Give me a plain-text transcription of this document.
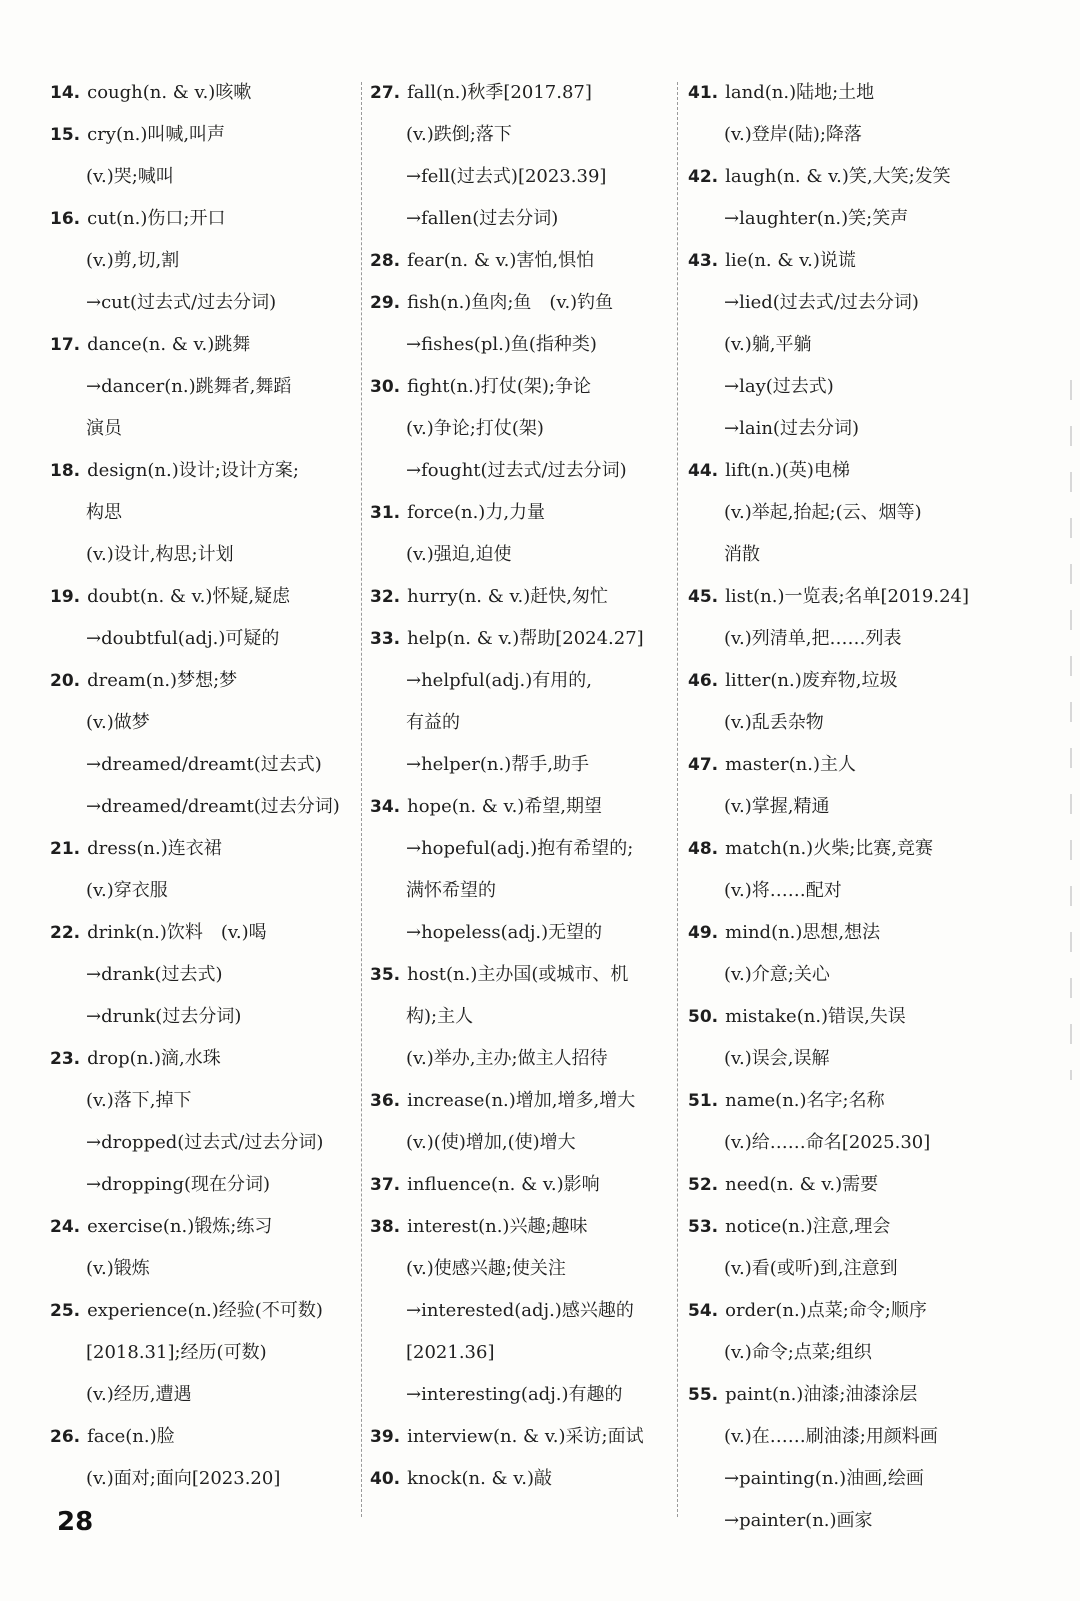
14. cough(n. & v.)咳嗽
15. cry(n.)叫喊,叫声
(v.)哭;喊叫
16. cut(n.)伤口;开口
(v.)剪,切,割
→cut(过去式/过去分词)
17. dance(n. & v.)跳舞
→dancer(n.)跳舞者,舞蹈
演员
18. design(n.)设计;设计方案;
构思
(v.)设计,构思;计划
19. doubt(n. & v.)怀疑,疑虑
→doubtful(adj.)可疑的
20. dream(n.)梦想;梦
(v.)做梦
→dreamed/dreamt(过去式)
→dreamed/dreamt(过去分词)
21. dress(n.)连衣裙
(v.)穿衣服
22. drink(n.)饮料　(v.)喝
→drank(过去式)
→drunk(过去分词)
23. drop(n.)滴,水珠
(v.)落下,掉下
→dropped(过去式/过去分词)
→dropping(现在分词)
24. exercise(n.)锻炼;练习
(v.)锻炼
25. experience(n.)经验(不可数)
[2018.31];经历(可数)
(v.)经历,遭遇
26. face(n.)脸
(v.)面对;面向[2023.20]
27. fall(n.)秋季[2017.87]
(v.)跌倒;落下
→fell(过去式)[2023.39]
→fallen(过去分词)
28. fear(n. & v.)害怕,惧怕
29. fish(n.)鱼肉;鱼　(v.)钓鱼
→fishes(pl.)鱼(指种类)
30. fight(n.)打仗(架);争论
(v.)争论;打仗(架)
→fought(过去式/过去分词)
31. force(n.)力,力量
(v.)强迫,迫使
32. hurry(n. & v.)赶快,匆忙
33. help(n. & v.)帮助[2024.27]
→helpful(adj.)有用的,
有益的
→helper(n.)帮手,助手
34. hope(n. & v.)希望,期望
→hopeful(adj.)抱有希望的;
满怀希望的
→hopeless(adj.)无望的
35. host(n.)主办国(或城市、机
构);主人
(v.)举办,主办;做主人招待
36. increase(n.)增加,增多,增大
(v.)(使)增加,(使)增大
37. influence(n. & v.)影响
38. interest(n.)兴趣;趣味
(v.)使感兴趣;使关注
→interested(adj.)感兴趣的
[2021.36]
→interesting(adj.)有趣的
39. interview(n. & v.)采访;面试
40. knock(n. & v.)敲
41. land(n.)陆地;土地
(v.)登岸(陆);降落
42. laugh(n. & v.)笑,大笑;发笑
→laughter(n.)笑;笑声
43. lie(n. & v.)说谎
→lied(过去式/过去分词)
(v.)躺,平躺
→lay(过去式)
→lain(过去分词)
44. lift(n.)(英)电梯
(v.)举起,抬起;(云、烟等)
消散
45. list(n.)一览表;名单[2019.24]
(v.)列清单,把……列表
46. litter(n.)废弃物,垃圾
(v.)乱丢杂物
47. master(n.)主人
(v.)掌握,精通
48. match(n.)火柴;比赛,竞赛
(v.)将……配对
49. mind(n.)思想,想法
(v.)介意;关心
50. mistake(n.)错误,失误
(v.)误会,误解
51. name(n.)名字;名称
(v.)给……命名[2025.30]
52. need(n. & v.)需要
53. notice(n.)注意,理会
(v.)看(或听)到,注意到
54. order(n.)点菜;命令;顺序
(v.)命令;点菜;组织
55. paint(n.)油漆;油漆涂层
(v.)在……刷油漆;用颜料画
→painting(n.)油画,绘画
→painter(n.)画家
28
